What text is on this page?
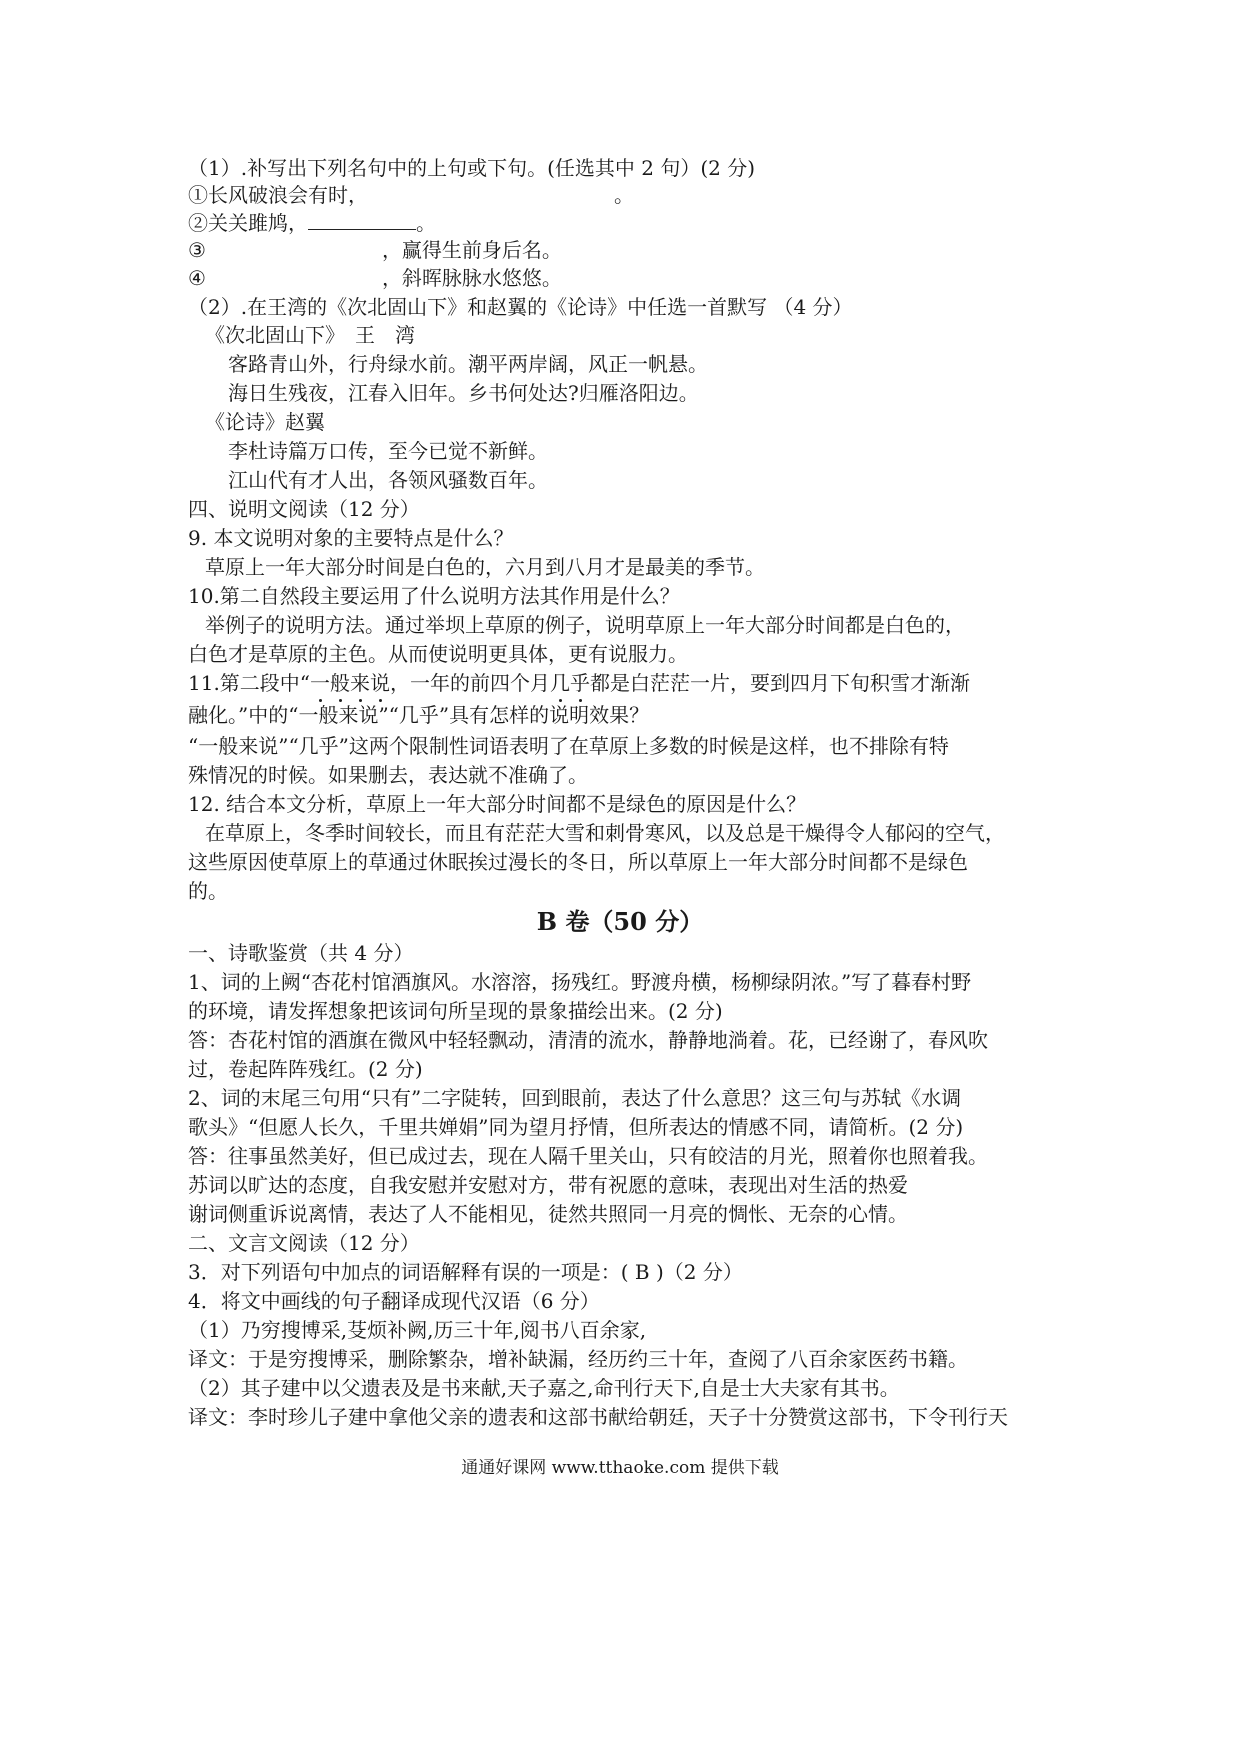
（1）.补写出下列名句中的上句或下句。(任选其中 2 句）(2 分)
①长风破浪会有时，	。
②关关雎鸠，	。
③	，赢得生前身后名。
④	，斜晖脉脉水悠悠。
（2）.在王湾的《次北固山下》和赵翼的《论诗》中任选一首默写 （4 分）
《次北固山下》　王　湾
客路青山外，行舟绿水前。潮平两岸阔，风正一帆悬。
海日生残夜，江春入旧年。乡书何处达?归雁洛阳边。
《论诗》赵翼
李杜诗篇万口传，至今已觉不新鲜。
江山代有才人出，各领风骚数百年。
四、说明文阅读（12 分）
9. 本文说明对象的主要特点是什么？
草原上一年大部分时间是白色的，六月到八月才是最美的季节。
10.第二自然段主要运用了什么说明方法其作用是什么？
举例子的说明方法。通过举坝上草原的例子，说明草原上一年大部分时间都是白色的，
白色才是草原的主色。从而使说明更具体，更有说服力。
11.第二段中“一般来说，一年的前四个月几乎都是白茫茫一片，要到四月下旬积雪才渐渐
融化。”中的“一般来说”“几乎”具有怎样的说明效果？
“一般来说”“几乎”这两个限制性词语表明了在草原上多数的时候是这样，也不排除有特
殊情况的时候。如果删去，表达就不准确了。
12. 结合本文分析，草原上一年大部分时间都不是绿色的原因是什么？
在草原上，冬季时间较长，而且有茫茫大雪和刺骨寒风，以及总是干燥得令人郁闷的空气，
这些原因使草原上的草通过休眠挨过漫长的冬日，所以草原上一年大部分时间都不是绿色
的。
B 卷（50 分）
一、诗歌鉴赏（共 4 分）
1、词的上阙“杏花村馆酒旗风。水溶溶，扬残红。野渡舟横，杨柳绿阴浓。”写了暮春村野
的环境，请发挥想象把该词句所呈现的景象描绘出来。(2 分)
答：杏花村馆的酒旗在微风中轻轻飘动，清清的流水，静静地淌着。花，已经谢了，春风吹
过，卷起阵阵残红。(2 分)
2、词的末尾三句用“只有”二字陡转，回到眼前，表达了什么意思？这三句与苏轼《水调
歌头》“但愿人长久，千里共婵娟”同为望月抒情，但所表达的情感不同，请简析。(2 分)
答：往事虽然美好，但已成过去，现在人隔千里关山，只有皎洁的月光，照着你也照着我。
苏词以旷达的态度，自我安慰并安慰对方，带有祝愿的意味，表现出对生活的热爱
谢词侧重诉说离情，表达了人不能相见，徒然共照同一月亮的惆怅、无奈的心情。
二、文言文阅读（12 分）
3．对下列语句中加点的词语解释有误的一项是：( B )（2 分）
4．将文中画线的句子翻译成现代汉语（6 分）
（1）乃穷搜博采,芟烦补阙,历三十年,阅书八百余家,
译文：于是穷搜博采，删除繁杂，增补缺漏，经历约三十年，查阅了八百余家医药书籍。
（2）其子建中以父遗表及是书来献,天子嘉之,命刊行天下,自是士大夫家有其书。
译文：李时珍儿子建中拿他父亲的遗表和这部书献给朝廷，天子十分赞赏这部书，下令刊行天
通通好课网 www.tthaoke.com 提供下载
